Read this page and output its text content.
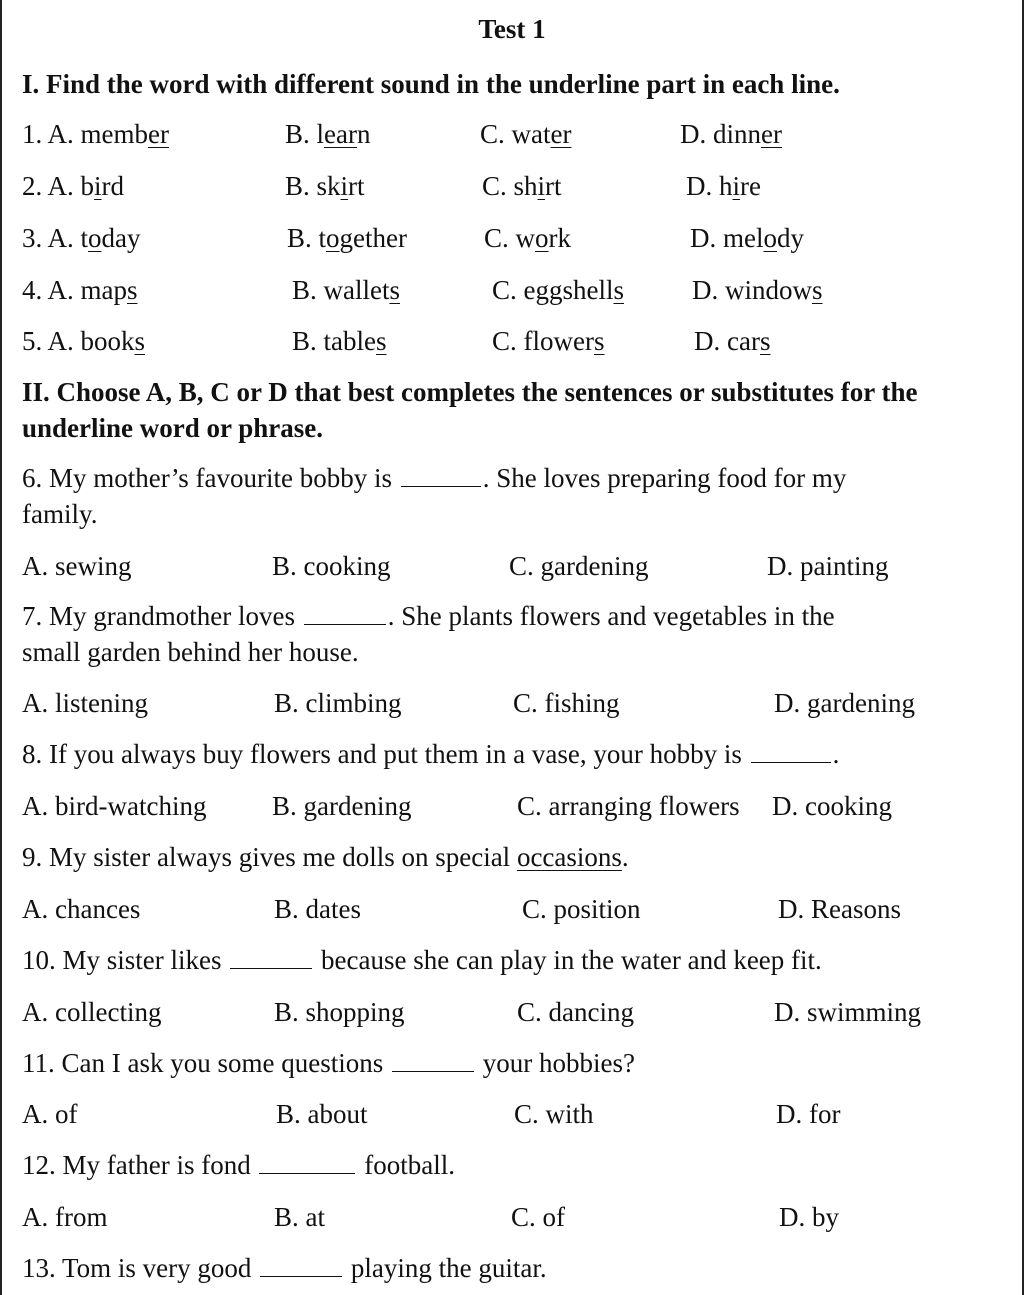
Test 1
I. Find the word with different sound in the underline part in each line.
1. A. member	B. learn	C. water	D. dinner
2. A. bird	B. skirt	C. shirt	D. hire
3. A. today	B. together	C. work	D. melody
4. A. maps	B. wallets	C. eggshells	D. windows
5. A. books	B. tables	C. flowers	D. cars
II. Choose A, B, C or D that best completes the sentences or substitutes for the underline word or phrase.
6. My mother’s favourite bobby is	. She loves preparing food for my family.
A. sewing	B. cooking	C. gardening	D. painting
7. My grandmother loves	. She plants flowers and vegetables in the small garden behind her house.
A. listening	B. climbing	C. fishing	D. gardening
8. If you always buy flowers and put them in a vase, your hobby is	.
A. bird-watching B. gardening	C. arranging flowers D. cooking
9. My sister always gives me dolls on special occasions.
A. chances	B. dates	C. position	D. Reasons
10. My sister likes	because she can play in the water and keep fit.
A. collecting	B. shopping	C. dancing	D. swimming
11. Can I ask you some questions	your hobbies?
A. of	B. about	C. with	D. for
12. My father is fond	football.
A. from	B. at	C. of	D. by
13. Tom is very good	playing the guitar.
